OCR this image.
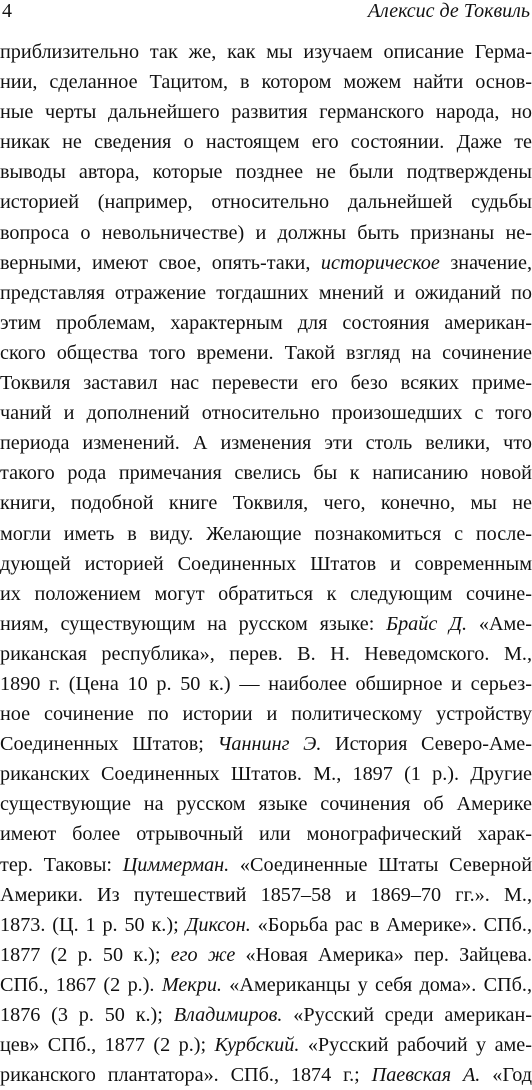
4	Алексис де Токвиль
приблизительно так же, как мы изучаем описание Герма-
нии, сделанное Тацитом, в котором можем найти основ-
ные черты дальнейшего развития германского народа, но
никак не сведения о настоящем его состоянии. Даже те
выводы автора, которые позднее не были подтверждены
историей (например, относительно дальнейшей судьбы
вопроса о невольничестве) и должны быть признаны не-
верными, имеют свое, опять-таки, историческое значение,
представляя отражение тогдашних мнений и ожиданий по
этим проблемам, характерным для состояния американ-
ского общества того времени. Такой взгляд на сочинение
Токвиля заставил нас перевести его безо всяких приме-
чаний и дополнений относительно произошедших с того
периода изменений. А изменения эти столь велики, что
такого рода примечания свелись бы к написанию новой
книги, подобной книге Токвиля, чего, конечно, мы не
могли иметь в виду. Желающие познакомиться с после-
дующей историей Соединенных Штатов и современным
их положением могут обратиться к следующим сочине-
ниям, существующим на русском языке: Брайс Д. «Аме-
риканская республика», перев. В. Н. Неведомского. М.,
1890 г. (Цена 10 р. 50 к.) — наиболее обширное и серьез-
ное сочинение по истории и политическому устройству
Соединенных Штатов; Чаннинг Э. История Северо-Аме-
риканских Соединенных Штатов. М., 1897 (1 р.). Другие
существующие на русском языке сочинения об Америке
имеют более отрывочный или монографический харак-
тер. Таковы: Циммерман. «Соединенные Штаты Северной
Америки. Из путешествий 1857–58 и 1869–70 гг.». М.,
1873. (Ц. 1 р. 50 к.); Диксон. «Борьба рас в Америке». СПб.,
1877 (2 р. 50 к.); его же «Новая Америка» пер. Зайцева.
СПб., 1867 (2 р.). Мекри. «Американцы у себя дома». СПб.,
1876 (3 р. 50 к.); Владимиров. «Русский среди американ-
цев» СПб., 1877 (2 р.); Курбский. «Русский рабочий у аме-
риканского плантатора». СПб., 1874 г.; Паевская А. «Год
